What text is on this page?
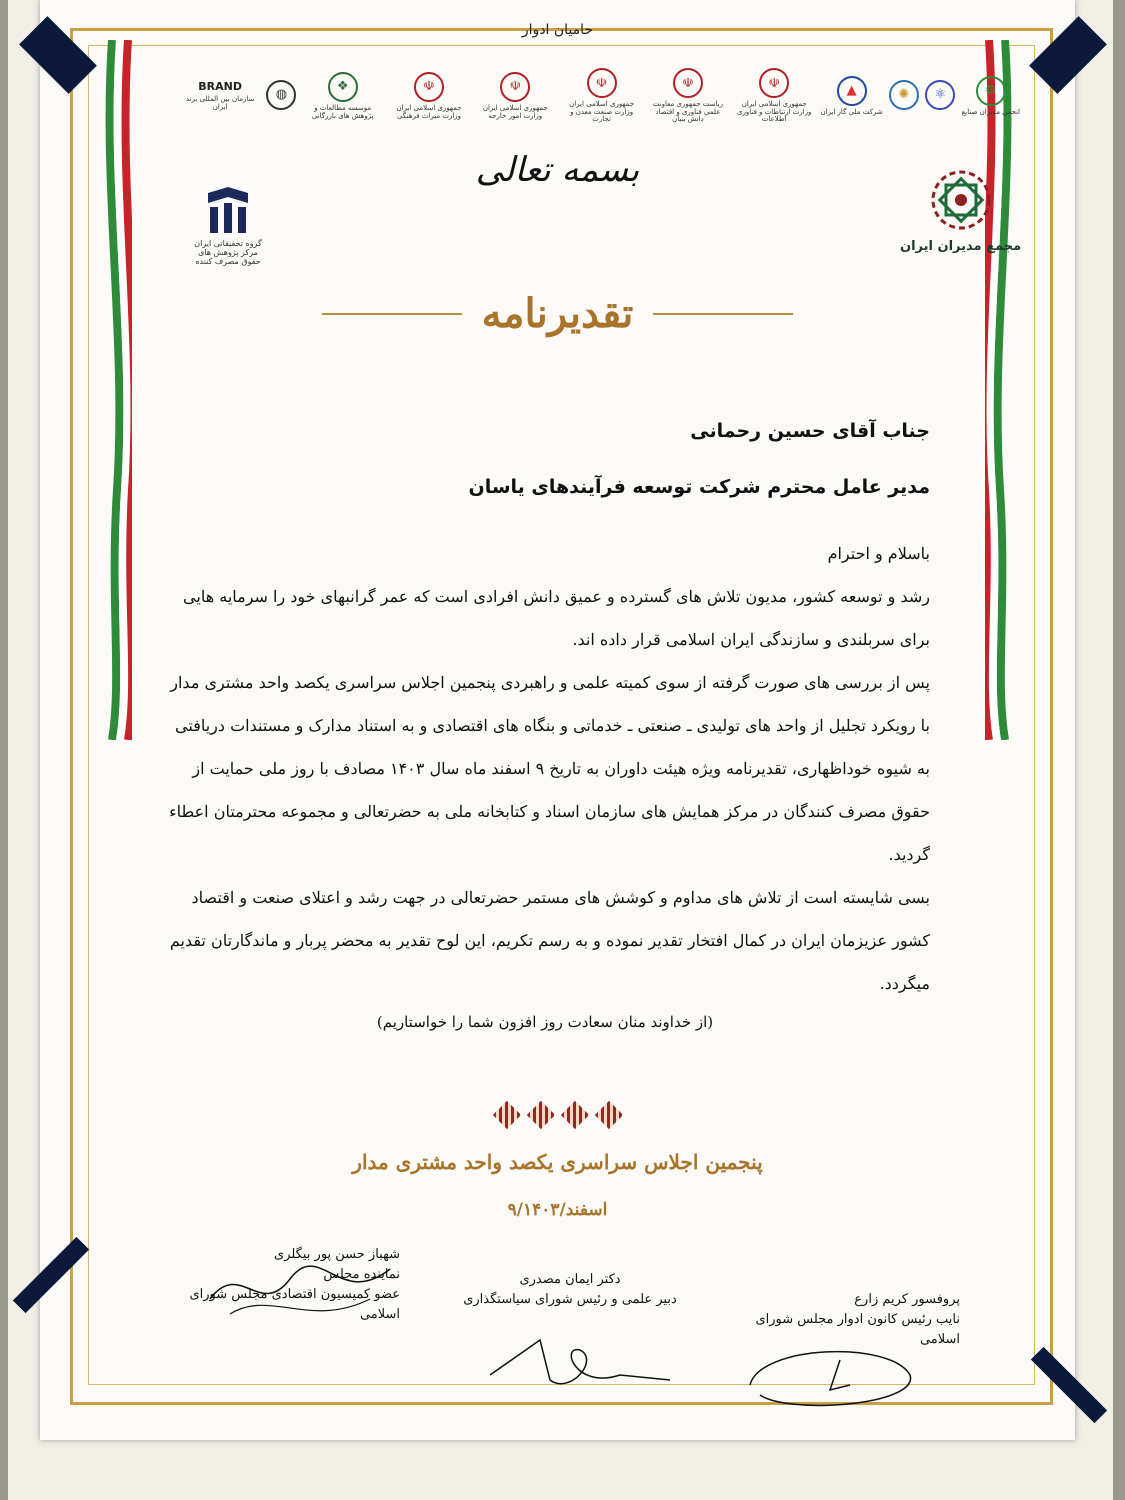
حامیان ادوار
⚙
انجمن مدیران صنایع
⚛
✺
▲
شرکت ملی گاز ایران
☫
جمهوری اسلامی ایران وزارت ارتباطات و فناوری اطلاعات
☫
ریاست جمهوری معاونت علمی فناوری و اقتصاد دانش بنیان
☫
جمهوری اسلامی ایران وزارت صنعت معدن و تجارت
☫
جمهوری اسلامی ایران وزارت امور خارجه
☫
جمهوری اسلامی ایران وزارت میراث فرهنگی
❖
موسسه مطالعات و پژوهش های بازرگانی
◍
BRAND
سازمان بین المللی برند ایران
بسمه تعالی
گروه تحقیقاتی ایران مرکز پژوهش های حقوق مصرف کننده
مجمع مدیران ایران
تقدیرنامه
جناب آقای حسین رحمانی
مدیر عامل محترم شرکت توسعه فرآیندهای یاسان

باسلام و احترام

رشد و توسعه کشور، مدیون تلاش های گسترده و عمیق دانش افرادی است که عمر گرانبهای خود را سرمایه هایی برای سربلندی و سازندگی ایران اسلامی قرار داده اند.

پس از بررسی های صورت گرفته از سوی کمیته علمی و راهبردی پنجمین اجلاس سراسری یکصد واحد مشتری مدار با رویکرد تجلیل از واحد های تولیدی ـ صنعتی ـ خدماتی و بنگاه های اقتصادی و به استناد مدارک و مستندات دریافتی به شیوه خوداظهاری، تقدیرنامه ویژه هیئت داوران به تاریخ ۹ اسفند ماه سال ۱۴۰۳ مصادف با روز ملی حمایت از حقوق مصرف کنندگان در مرکز همایش های سازمان اسناد و کتابخانه ملی به حضرتعالی و مجموعه محترمتان اعطاء گردید.

بسی شایسته است از تلاش های مداوم و کوشش های مستمر حضرتعالی در جهت رشد و اعتلای صنعت و اقتصاد کشور عزیزمان ایران در کمال افتخار تقدیر نموده و به رسم تکریم، این لوح تقدیر به محضر پربار و ماندگارتان تقدیم میگردد.

(از خداوند منان سعادت روز افزون شما را خواستاریم)
پنجمین اجلاس سراسری یکصد واحد مشتری مدار
۹/اسفند/۱۴۰۳
شهباز حسن پور بیگلری
نماینده مجلس
عضو کمیسیون اقتصادی مجلس شورای اسلامی
دکتر ایمان مصدری
دبیر علمی و رئیس شورای سیاستگذاری	پروفسور کریم زارع
نایب رئیس کانون ادوار مجلس شورای اسلامی
